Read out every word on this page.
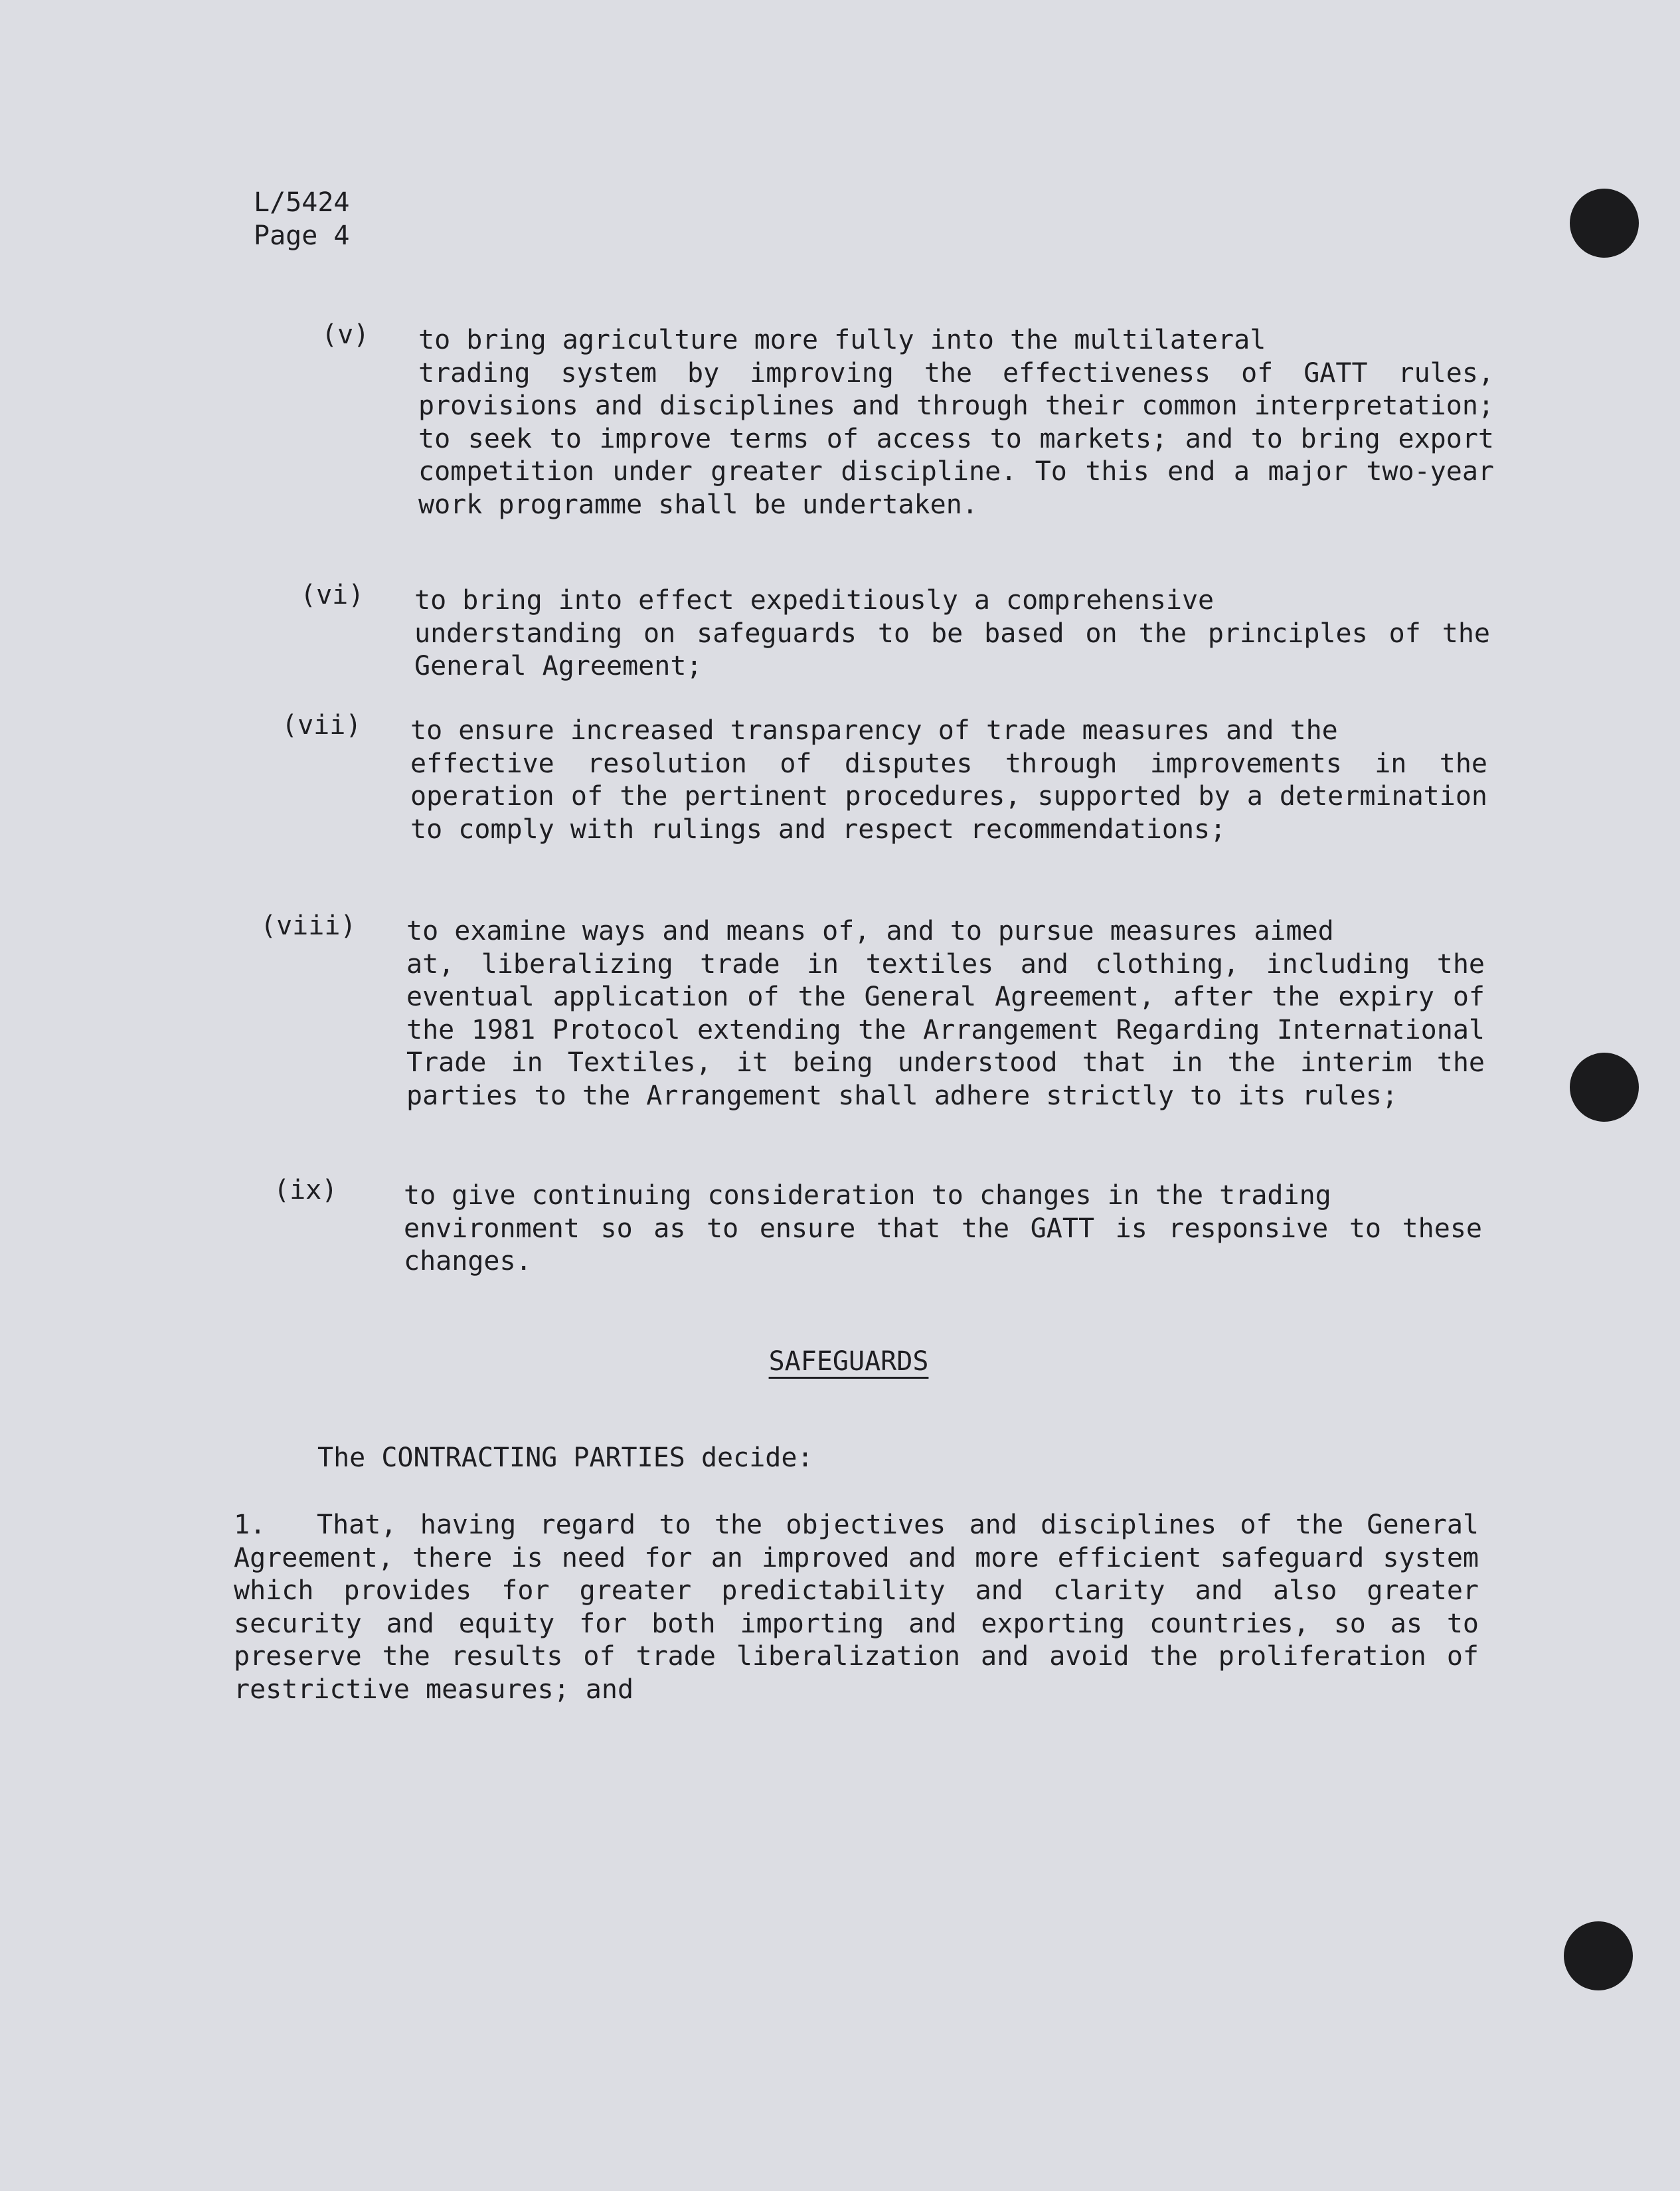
L/5424
Page 4
(v) to bring agriculture more fully into the multilateral
trading system by improving the effectiveness of GATT rules, provisions and disciplines and through their common interpretation; to seek to improve terms of access to markets; and to bring export competition under greater discipline. To this end a major two-year work programme shall be undertaken.
(vi) to bring into effect expeditiously a comprehensive
understanding on safeguards to be based on the principles of the General Agreement;
(vii) to ensure increased transparency of trade measures and the
effective resolution of disputes through improvements in the operation of the pertinent procedures, supported by a determination to comply with rulings and respect recommendations;
(viii) to examine ways and means of, and to pursue measures aimed
at, liberalizing trade in textiles and clothing, including the eventual application of the General Agreement, after the expiry of the 1981 Protocol extending the Arrangement Regarding International Trade in Textiles, it being understood that in the interim the parties to the Arrangement shall adhere strictly to its rules;
(ix) to give continuing consideration to changes in the trading
environment so as to ensure that the GATT is responsive to these changes.
SAFEGUARDS
The CONTRACTING PARTIES decide:
1. That, having regard to the objectives and disciplines of the General Agreement, there is need for an improved and more efficient safeguard system which provides for greater predictability and clarity and also greater security and equity for both importing and exporting countries, so as to preserve the results of trade liberalization and avoid the proliferation of restrictive measures; and
